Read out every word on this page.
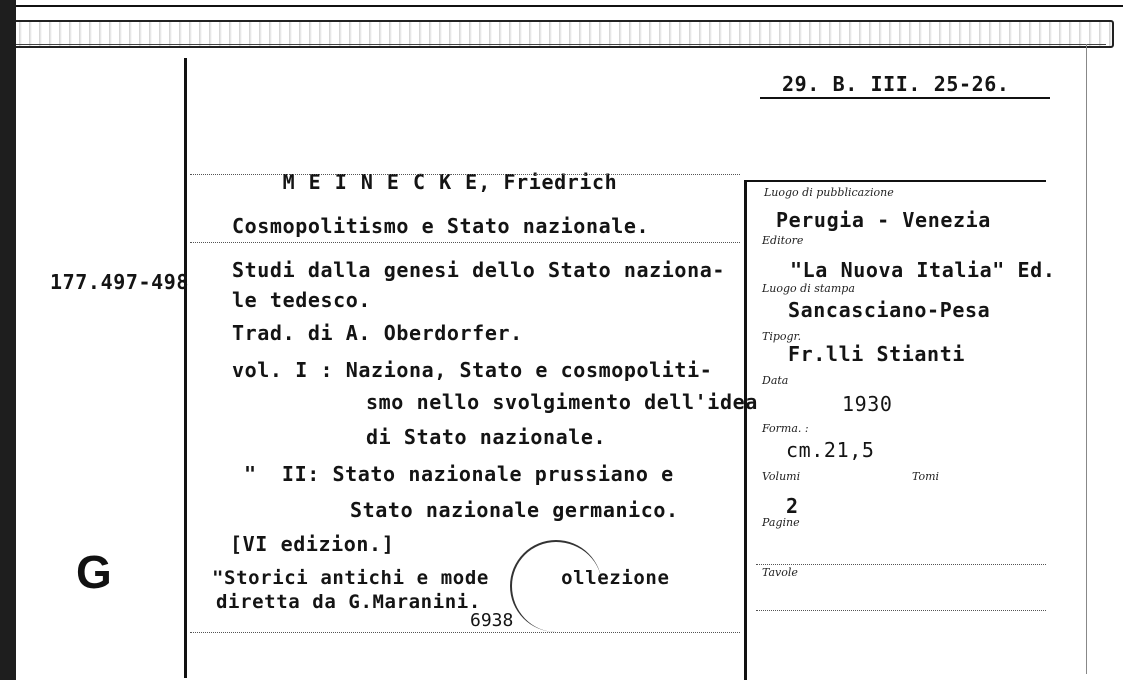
29. B. III. 25-26.
177.497-498
G

M E I N E C K E, Friedrich

Cosmopolitismo e Stato nazionale.
Studi dalla genesi dello Stato naziona-
le tedesco.
Trad. di A. Oberdorfer.
vol. I : Naziona, Stato e cosmopoliti-
smo nello svolgimento dell'idea
di Stato nazionale.
"  II: Stato nazionale prussiano e
Stato nazionale germanico.
[VI edizion.]
"Storici antichi e mode      ollezione
diretta da G.Maranini.
6938
Luogo di pubblicazione
Perugia - Venezia
Editore
"La Nuova Italia" Ed.
Luogo di stampa
Sancasciano-Pesa
Tipogr.
Fr.lli Stianti
Data
1930
Forma. :
cm.21,5
Volumi	Tomi
2
Pagine
Tavole
